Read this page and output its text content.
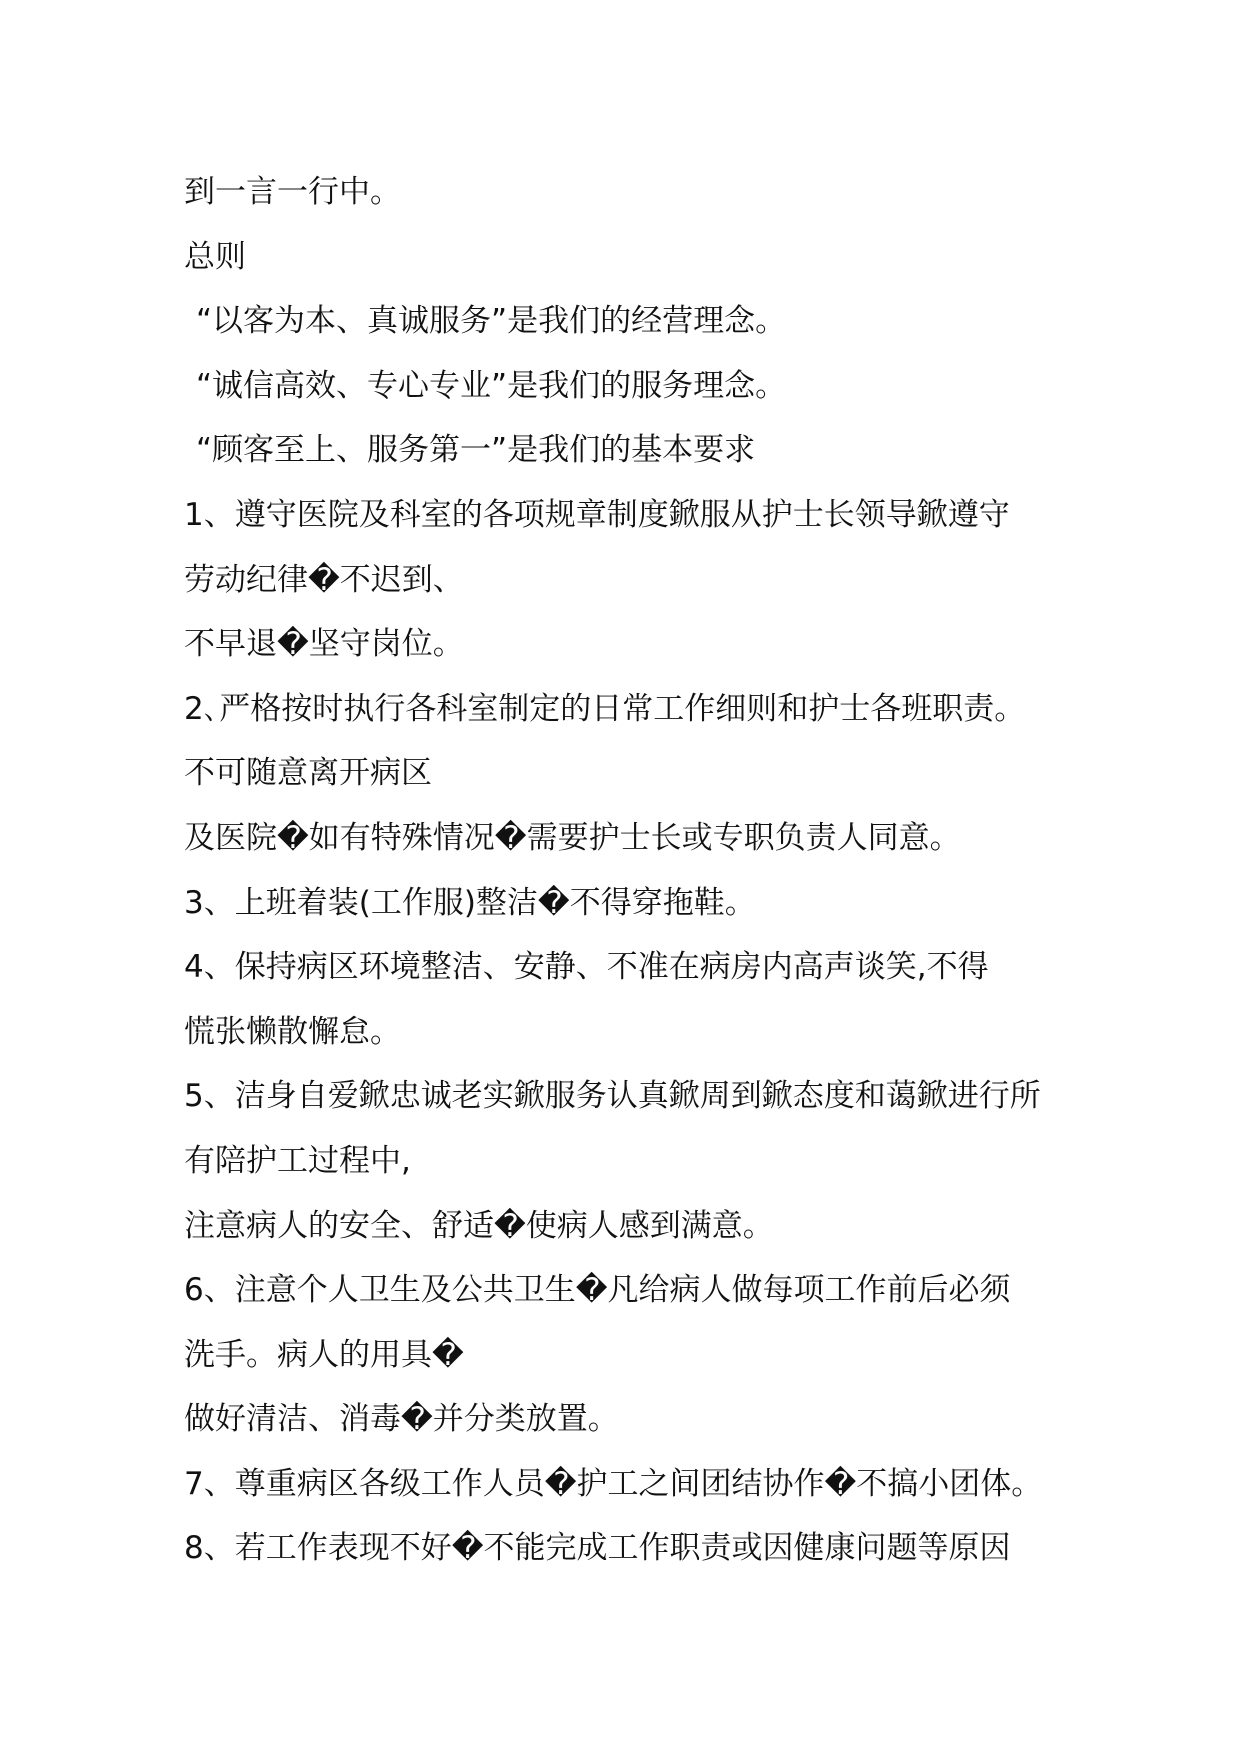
到一言一行中。
总则
“以客为本、真诚服务”是我们的经营理念。
“诚信高效、专心专业”是我们的服务理念。
“顾客至上、服务第一”是我们的基本要求
1、遵守医院及科室的各项规章制度鍁服从护士长领导鍁遵守
劳动纪律�不迟到、
不早退�坚守岗位。
2､严格按时执行各科室制定的日常工作细则和护士各班职责。
不可随意离开病区
及医院�如有特殊情况�需要护士长或专职负责人同意。
3、上班着装(工作服)整洁�不得穿拖鞋。
4、保持病区环境整洁、安静、不准在病房内高声谈笑,不得
慌张懒散懈怠。
5、洁身自爱鍁忠诚老实鍁服务认真鍁周到鍁态度和蔼鍁进行所
有陪护工过程中,
注意病人的安全、舒适�使病人感到满意。
6、注意个人卫生及公共卫生�凡给病人做每项工作前后必须
洗手。病人的用具�
做好清洁、消毒�并分类放置。
7、尊重病区各级工作人员�护工之间团结协作�不搞小团体。
8、若工作表现不好�不能完成工作职责或因健康问题等原因
